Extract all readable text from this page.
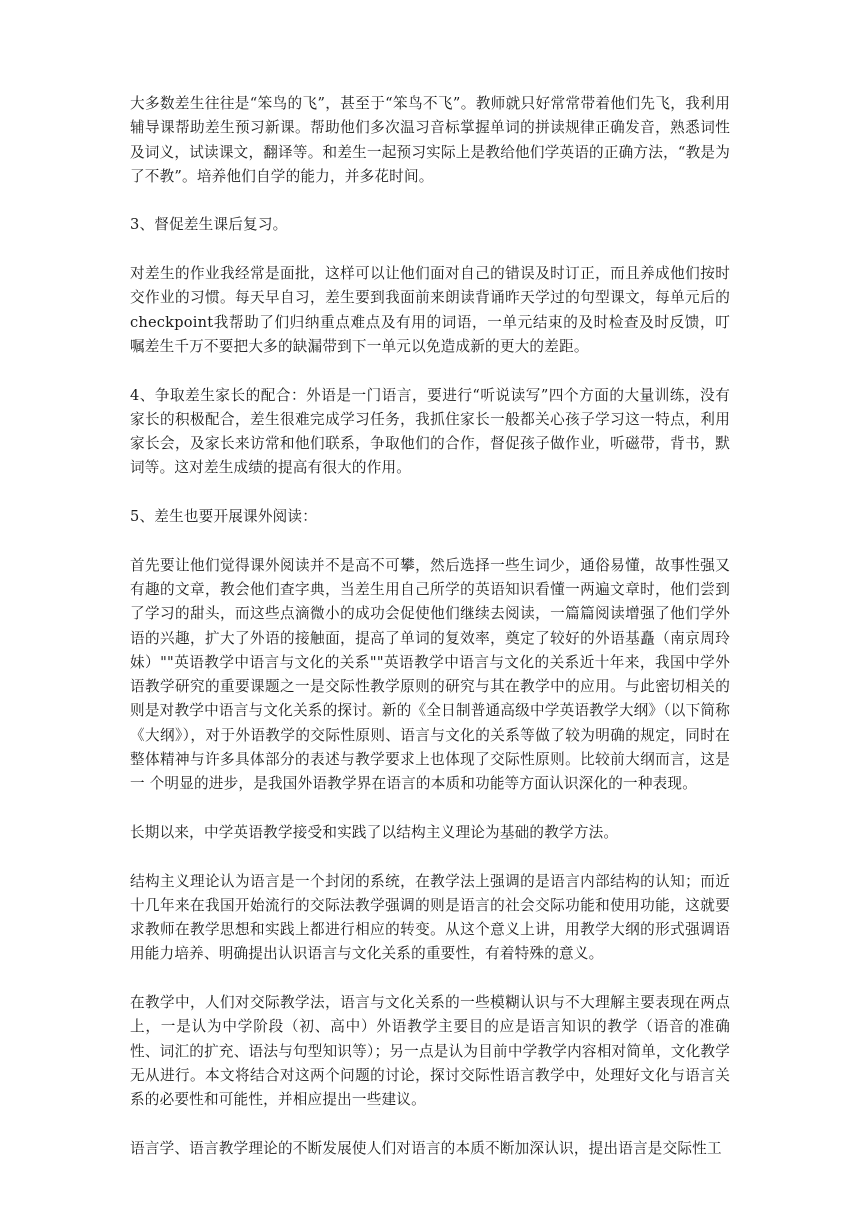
大多数差生往往是“笨鸟的飞”，甚至于“笨鸟不飞”。教师就只好常常带着他们先飞，我利用辅导课帮助差生预习新课。帮助他们多次温习音标掌握单词的拼读规律正确发音，熟悉词性及词义，试读课文，翻译等。和差生一起预习实际上是教给他们学英语的正确方法，“教是为了不教”。培养他们自学的能力，并多花时间。

3、督促差生课后复习。

对差生的作业我经常是面批，这样可以让他们面对自己的错误及时订正，而且养成他们按时交作业的习惯。每天早自习，差生要到我面前来朗读背诵昨天学过的句型课文，每单元后的checkpoint我帮助了们归纳重点难点及有用的词语，一单元结束的及时检查及时反馈，叮嘱差生千万不要把大多的缺漏带到下一单元以免造成新的更大的差距。

4、争取差生家长的配合：外语是一门语言，要进行“听说读写”四个方面的大量训练，没有家长的积极配合，差生很难完成学习任务，我抓住家长一般都关心孩子学习这一特点，利用家长会，及家长来访常和他们联系，争取他们的合作，督促孩子做作业，听磁带，背书，默词等。这对差生成绩的提高有很大的作用。

5、差生也要开展课外阅读：

首先要让他们觉得课外阅读并不是高不可攀，然后选择一些生词少，通俗易懂，故事性强又有趣的文章，教会他们查字典，当差生用自己所学的英语知识看懂一两遍文章时，他们尝到了学习的甜头，而这些点滴微小的成功会促使他们继续去阅读，一篇篇阅读增强了他们学外语的兴趣，扩大了外语的接触面，提高了单词的复效率，奠定了较好的外语基矗（南京周玲妹）""英语教学中语言与文化的关系""英语教学中语言与文化的关系近十年来，我国中学外语教学研究的重要课题之一是交际性教学原则的研究与其在教学中的应用。与此密切相关的则是对教学中语言与文化关系的探讨。新的《全日制普通高级中学英语教学大纲》（以下简称《大纲》），对于外语教学的交际性原则、语言与文化的关系等做了较为明确的规定，同时在整体精神与许多具体部分的表述与教学要求上也体现了交际性原则。比较前大纲而言，这是一 个明显的进步，是我国外语教学界在语言的本质和功能等方面认识深化的一种表现。

长期以来，中学英语教学接受和实践了以结构主义理论为基础的教学方法。

结构主义理论认为语言是一个封闭的系统，在教学法上强调的是语言内部结构的认知；而近十几年来在我国开始流行的交际法教学强调的则是语言的社会交际功能和使用功能，这就要求教师在教学思想和实践上都进行相应的转变。从这个意义上讲，用教学大纲的形式强调语用能力培养、明确提出认识语言与文化关系的重要性，有着特殊的意义。

在教学中，人们对交际教学法，语言与文化关系的一些模糊认识与不大理解主要表现在两点上，一是认为中学阶段（初、高中）外语教学主要目的应是语言知识的教学（语音的准确性、词汇的扩充、语法与句型知识等）；另一点是认为目前中学教学内容相对简单，文化教学无从进行。本文将结合对这两个问题的讨论，探讨交际性语言教学中，处理好文化与语言关系的必要性和可能性，并相应提出一些建议。

语言学、语言教学理论的不断发展使人们对语言的本质不断加深认识，提出语言是交际性工
